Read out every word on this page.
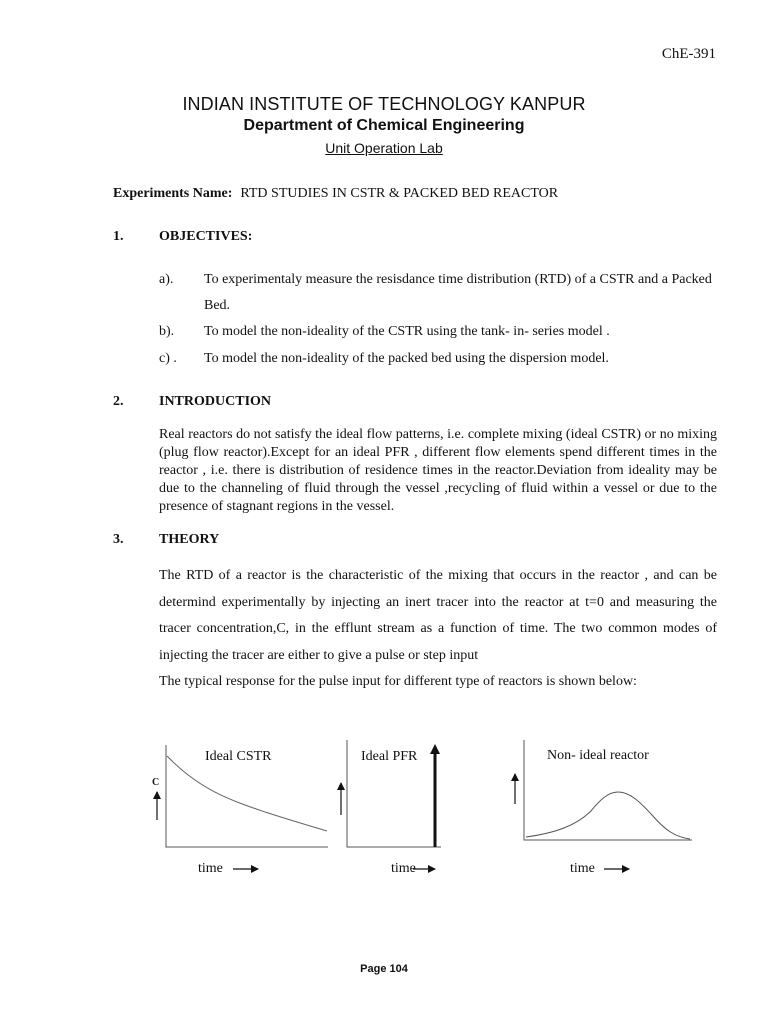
ChE-391
INDIAN INSTITUTE OF TECHNOLOGY KANPUR
Department of Chemical Engineering
Unit Operation Lab
Experiments Name: RTD STUDIES IN CSTR & PACKED BED REACTOR
1.	OBJECTIVES:
a). To experimentaly measure the resisdance time distribution (RTD) of a CSTR and a Packed Bed.
b). To model the non-ideality of the CSTR using the tank- in- series model .
c) . To model the non-ideality of the packed bed using the dispersion model.
2.	INTRODUCTION
Real reactors do not satisfy the ideal flow patterns, i.e. complete mixing (ideal CSTR) or no mixing (plug flow reactor).Except for an ideal PFR , different flow elements spend different times in the reactor , i.e. there is distribution of residence times in the reactor.Deviation from ideality may be due to the channeling of fluid through the vessel ,recycling of fluid within a vessel or due to the presence of stagnant regions in the vessel.
3.	THEORY
The RTD of a reactor is the characteristic of the mixing that occurs in the reactor , and can be determind experimentally by injecting an inert tracer into the reactor at t=0 and measuring the tracer concentration,C, in the efflunt stream as a function of time. The two common modes of injecting the tracer are either to give a pulse or step input
The typical response for the pulse input for different type of reactors is shown below:
Ideal CSTR
C
time
Ideal PFR
time
Non- ideal reactor
time
Page 104
